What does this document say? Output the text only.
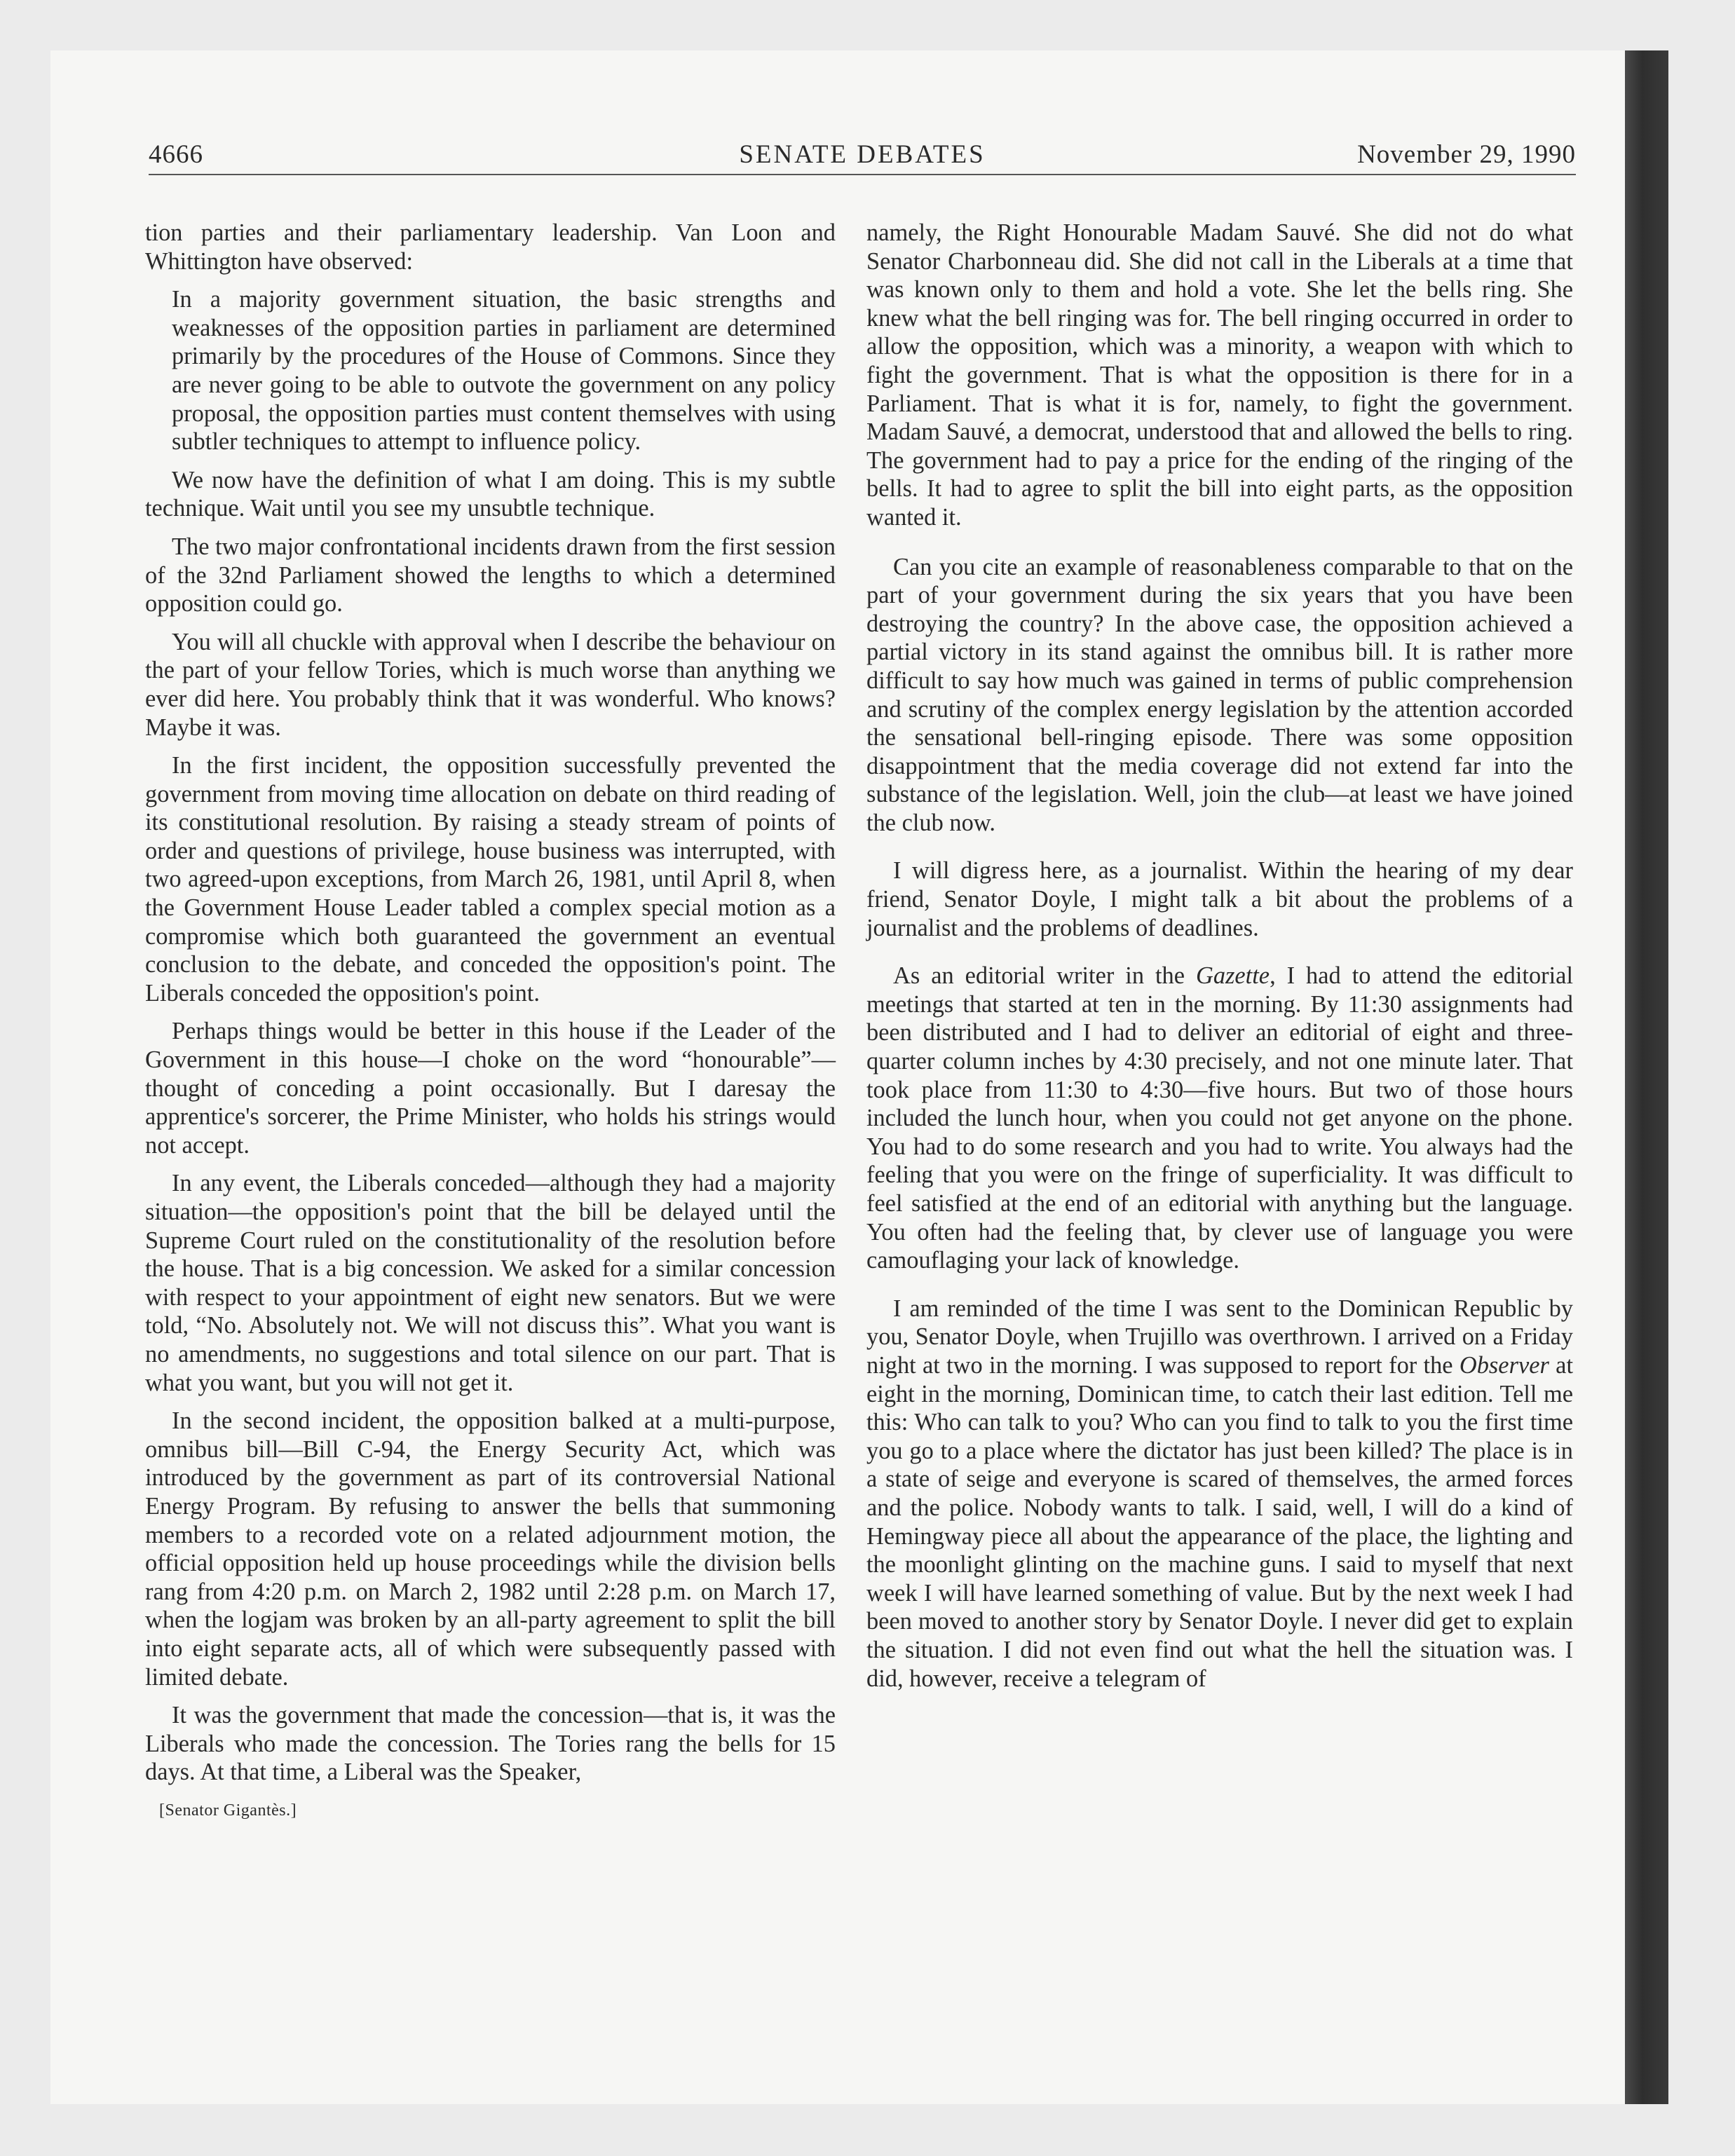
4666	SENATE DEBATES	November 29, 1990

tion parties and their parliamentary leadership. Van Loon and Whittington have observed:

In a majority government situation, the basic strengths and weaknesses of the opposition parties in parliament are determined primarily by the procedures of the House of Commons. Since they are never going to be able to outvote the government on any policy proposal, the opposition parties must content themselves with using subtler techniques to attempt to influence policy.

We now have the definition of what I am doing. This is my subtle technique. Wait until you see my unsubtle technique.

The two major confrontational incidents drawn from the first session of the 32nd Parliament showed the lengths to which a determined opposition could go.

You will all chuckle with approval when I describe the behaviour on the part of your fellow Tories, which is much worse than anything we ever did here. You probably think that it was wonderful. Who knows? Maybe it was.

In the first incident, the opposition successfully prevented the government from moving time allocation on debate on third reading of its constitutional resolution. By raising a steady stream of points of order and questions of privilege, house business was interrupted, with two agreed-upon exceptions, from March 26, 1981, until April 8, when the Government House Leader tabled a complex special motion as a compromise which both guaranteed the government an eventual conclusion to the debate, and conceded the opposition's point. The Liberals conceded the opposition's point.

Perhaps things would be better in this house if the Leader of the Government in this house—I choke on the word “honourable”—thought of conceding a point occasionally. But I daresay the apprentice's sorcerer, the Prime Minister, who holds his strings would not accept.

In any event, the Liberals conceded—although they had a majority situation—the opposition's point that the bill be delayed until the Supreme Court ruled on the constitutionality of the resolution before the house. That is a big concession. We asked for a similar concession with respect to your appointment of eight new senators. But we were told, “No. Absolutely not. We will not discuss this”. What you want is no amendments, no suggestions and total silence on our part. That is what you want, but you will not get it.

In the second incident, the opposition balked at a multi-purpose, omnibus bill—Bill C-94, the Energy Security Act, which was introduced by the government as part of its controversial National Energy Program. By refusing to answer the bells that summoning members to a recorded vote on a related adjournment motion, the official opposition held up house proceedings while the division bells rang from 4:20 p.m. on March 2, 1982 until 2:28 p.m. on March 17, when the logjam was broken by an all-party agreement to split the bill into eight separate acts, all of which were subsequently passed with limited debate.

It was the government that made the concession—that is, it was the Liberals who made the concession. The Tories rang the bells for 15 days. At that time, a Liberal was the Speaker,

[Senator Gigantès.]

namely, the Right Honourable Madam Sauvé. She did not do what Senator Charbonneau did. She did not call in the Liberals at a time that was known only to them and hold a vote. She let the bells ring. She knew what the bell ringing was for. The bell ringing occurred in order to allow the opposition, which was a minority, a weapon with which to fight the government. That is what the opposition is there for in a Parliament. That is what it is for, namely, to fight the government. Madam Sauvé, a democrat, understood that and allowed the bells to ring. The government had to pay a price for the ending of the ringing of the bells. It had to agree to split the bill into eight parts, as the opposition wanted it.

Can you cite an example of reasonableness comparable to that on the part of your government during the six years that you have been destroying the country? In the above case, the opposition achieved a partial victory in its stand against the omnibus bill. It is rather more difficult to say how much was gained in terms of public comprehension and scrutiny of the complex energy legislation by the attention accorded the sensational bell-ringing episode. There was some opposition disappointment that the media coverage did not extend far into the substance of the legislation. Well, join the club—at least we have joined the club now.

I will digress here, as a journalist. Within the hearing of my dear friend, Senator Doyle, I might talk a bit about the problems of a journalist and the problems of deadlines.

As an editorial writer in the Gazette, I had to attend the editorial meetings that started at ten in the morning. By 11:30 assignments had been distributed and I had to deliver an editorial of eight and three-quarter column inches by 4:30 precisely, and not one minute later. That took place from 11:30 to 4:30—five hours. But two of those hours included the lunch hour, when you could not get anyone on the phone. You had to do some research and you had to write. You always had the feeling that you were on the fringe of superficiality. It was difficult to feel satisfied at the end of an editorial with anything but the language. You often had the feeling that, by clever use of language you were camouflaging your lack of knowledge.

I am reminded of the time I was sent to the Dominican Republic by you, Senator Doyle, when Trujillo was overthrown. I arrived on a Friday night at two in the morning. I was supposed to report for the Observer at eight in the morning, Dominican time, to catch their last edition. Tell me this: Who can talk to you? Who can you find to talk to you the first time you go to a place where the dictator has just been killed? The place is in a state of seige and everyone is scared of themselves, the armed forces and the police. Nobody wants to talk. I said, well, I will do a kind of Hemingway piece all about the appearance of the place, the lighting and the moonlight glinting on the machine guns. I said to myself that next week I will have learned something of value. But by the next week I had been moved to another story by Senator Doyle. I never did get to explain the situation. I did not even find out what the hell the situation was. I did, however, receive a telegram of
